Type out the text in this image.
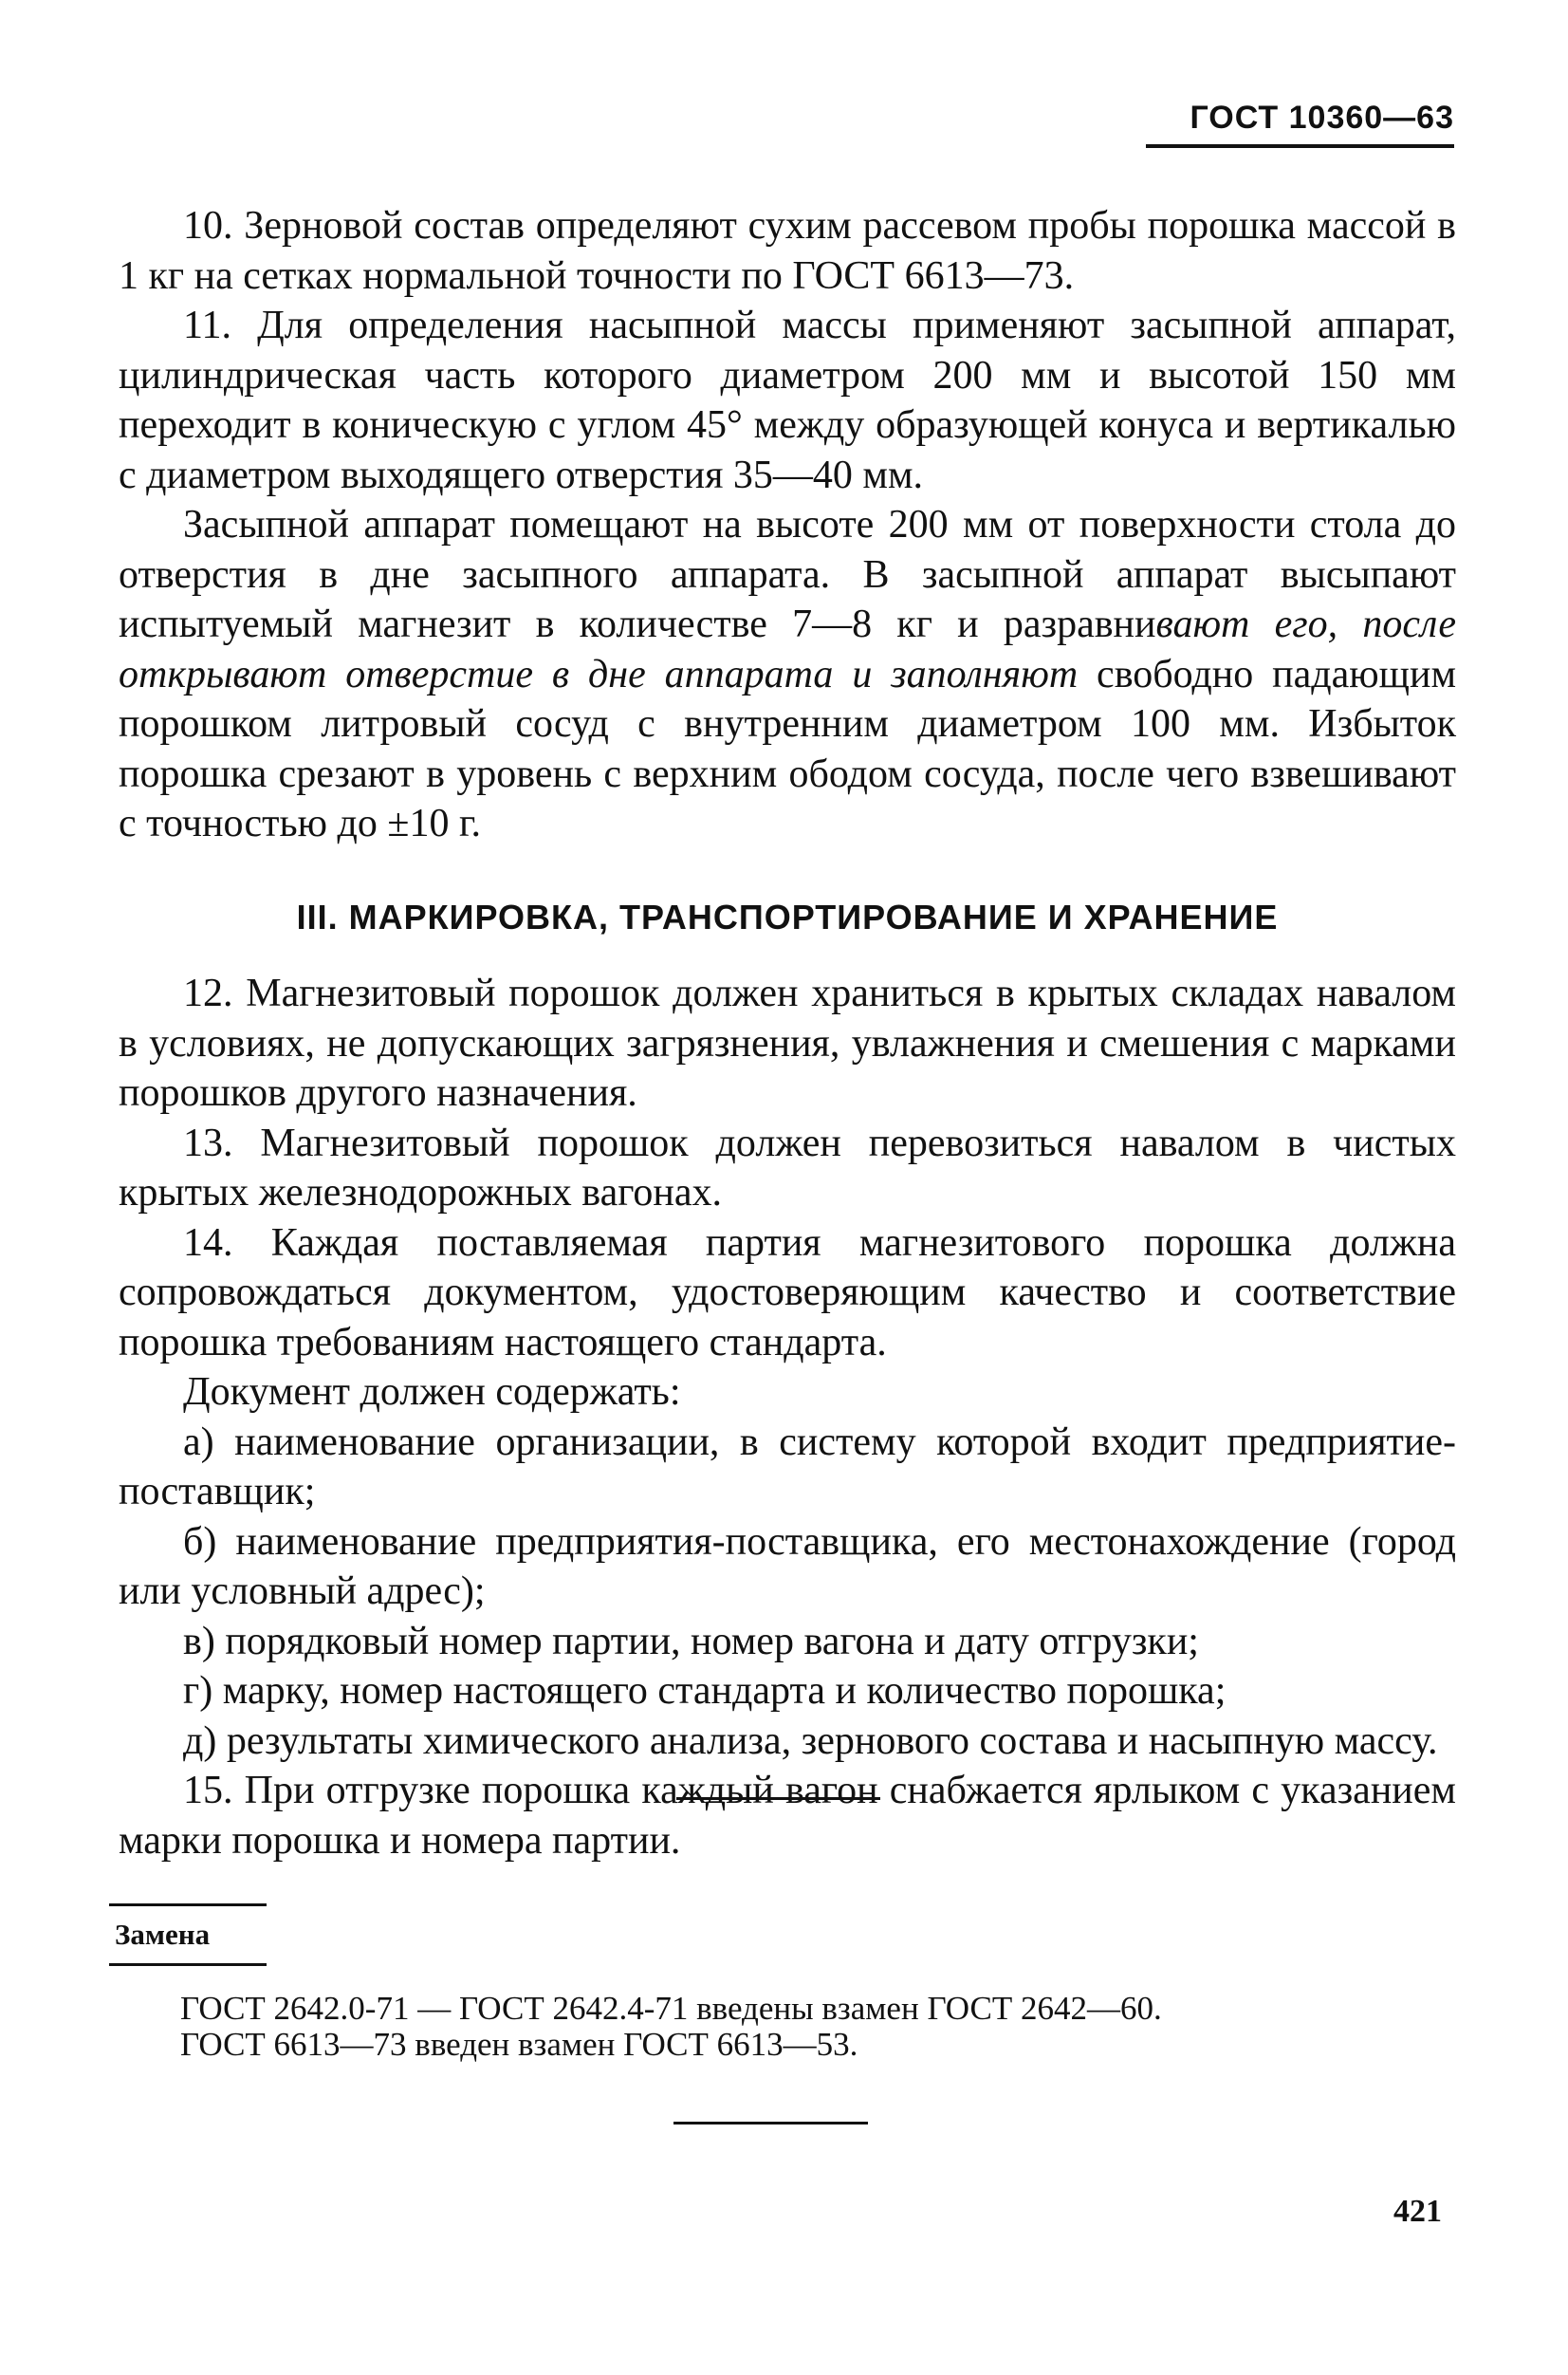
ГОСТ 10360—63

10. Зерновой состав определяют сухим рассевом пробы порошка массой в 1 кг на сетках нормальной точности по ГОСТ 6613—73.

11. Для определения насыпной массы применяют засыпной аппарат, цилиндрическая часть которого диаметром 200 мм и высотой 150 мм переходит в коническую с углом 45° между образующей конуса и вертикалью с диаметром выходящего отверстия 35—40 мм.

Засыпной аппарат помещают на высоте 200 мм от поверхности стола до отверстия в дне засыпного аппарата. В засыпной аппарат высыпают испытуемый магнезит в количестве 7—8 кг и разравнивают его, после открывают отверстие в дне аппарата и заполняют свободно падающим порошком литровый сосуд с внутренним диаметром 100 мм. Избыток порошка срезают в уровень с верхним ободом сосуда, после чего взвешивают с точностью до ±10 г.

III. МАРКИРОВКА, ТРАНСПОРТИРОВАНИЕ И ХРАНЕНИЕ

12. Магнезитовый порошок должен храниться в крытых складах навалом в условиях, не допускающих загрязнения, увлажнения и смешения с марками порошков другого назначения.

13. Магнезитовый порошок должен перевозиться навалом в чистых крытых железнодорожных вагонах.

14. Каждая поставляемая партия магнезитового порошка должна сопровождаться документом, удостоверяющим качество и соответствие порошка требованиям настоящего стандарта.

Документ должен содержать:

а) наименование организации, в систему которой входит предприятие-поставщик;

б) наименование предприятия-поставщика, его местонахождение (город или условный адрес);

в) порядковый номер партии, номер вагона и дату отгрузки;

г) марку, номер настоящего стандарта и количество порошка;

д) результаты химического анализа, зернового состава и насыпную массу.

15. При отгрузке порошка каждый вагон снабжается ярлыком с указанием марки порошка и номера партии.

Замена
ГОСТ 2642.0-71 — ГОСТ 2642.4-71 введены взамен ГОСТ 2642—60.
ГОСТ 6613—73 введен взамен ГОСТ 6613—53.
421
